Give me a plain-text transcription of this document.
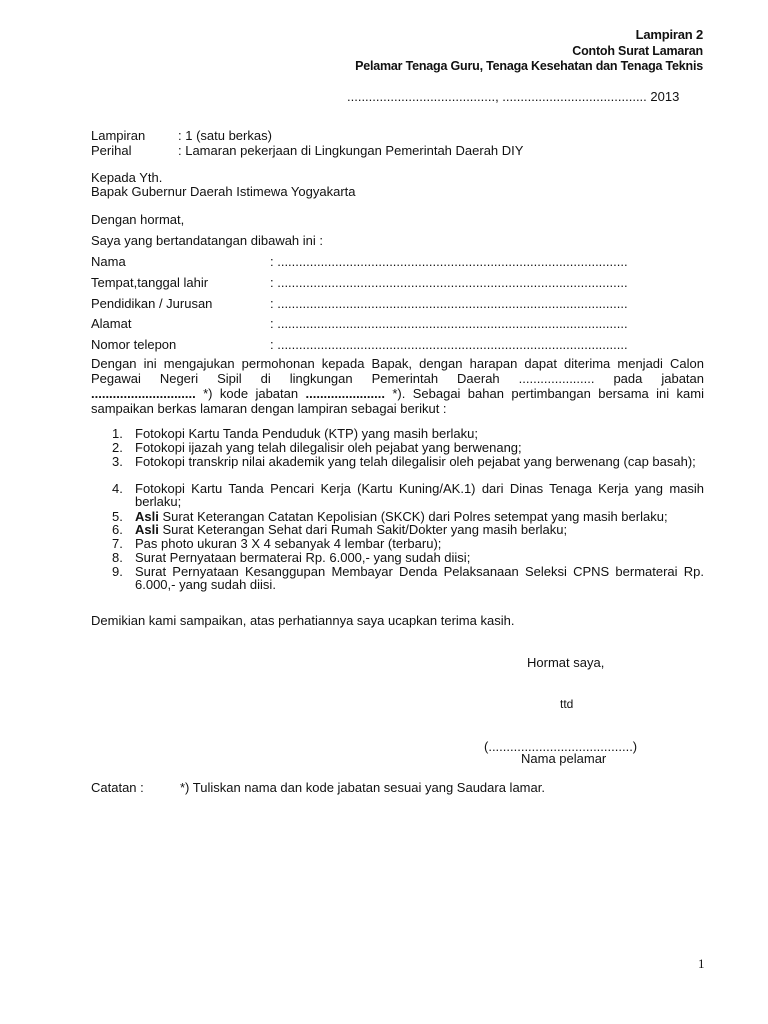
Lampiran 2
Contoh Surat Lamaran
Pelamar Tenaga Guru, Tenaga Kesehatan dan Tenaga Teknis
........................................., ........................................ 2013
Lampiran	: 1 (satu berkas)
Perihal	: Lamaran pekerjaan di Lingkungan Pemerintah Daerah DIY
Kepada Yth.
Bapak Gubernur Daerah Istimewa Yogyakarta
Dengan hormat,
Saya yang bertandatangan dibawah ini :
Nama	: .................................................................................................
Tempat,tanggal lahir	: .................................................................................................
Pendidikan / Jurusan	: .................................................................................................
Alamat	: .................................................................................................
Nomor telepon	: .................................................................................................
Dengan ini mengajukan permohonan kepada Bapak, dengan harapan dapat diterima menjadi Calon
Pegawai Negeri Sipil di lingkungan Pemerintah Daerah ..................... pada jabatan
............................. *) kode jabatan ...................... *). Sebagai bahan pertimbangan bersama ini kami
sampaikan berkas lamaran dengan lampiran sebagai berikut :
1. Fotokopi Kartu Tanda Penduduk (KTP) yang masih berlaku;
2. Fotokopi ijazah yang telah dilegalisir oleh pejabat yang berwenang;
3. Fotokopi transkrip nilai akademik yang telah dilegalisir oleh pejabat yang berwenang (cap basah);
4. Fotokopi Kartu Tanda Pencari Kerja (Kartu Kuning/AK.1) dari Dinas Tenaga Kerja yang masih berlaku;
5. Asli Surat Keterangan Catatan Kepolisian (SKCK) dari Polres setempat yang masih berlaku;
6. Asli Surat Keterangan Sehat dari Rumah Sakit/Dokter yang masih berlaku;
7. Pas photo ukuran 3 X 4 sebanyak 4 lembar (terbaru);
8. Surat Pernyataan bermaterai Rp. 6.000,- yang sudah diisi;
9. Surat Pernyataan Kesanggupan Membayar Denda Pelaksanaan Seleksi CPNS bermaterai Rp. 6.000,- yang sudah diisi.
Demikian kami sampaikan, atas perhatiannya saya ucapkan terima kasih.
Hormat saya,
ttd
(........................................)
Nama pelamar
Catatan :	*) Tuliskan nama dan kode jabatan sesuai yang Saudara lamar.
1
